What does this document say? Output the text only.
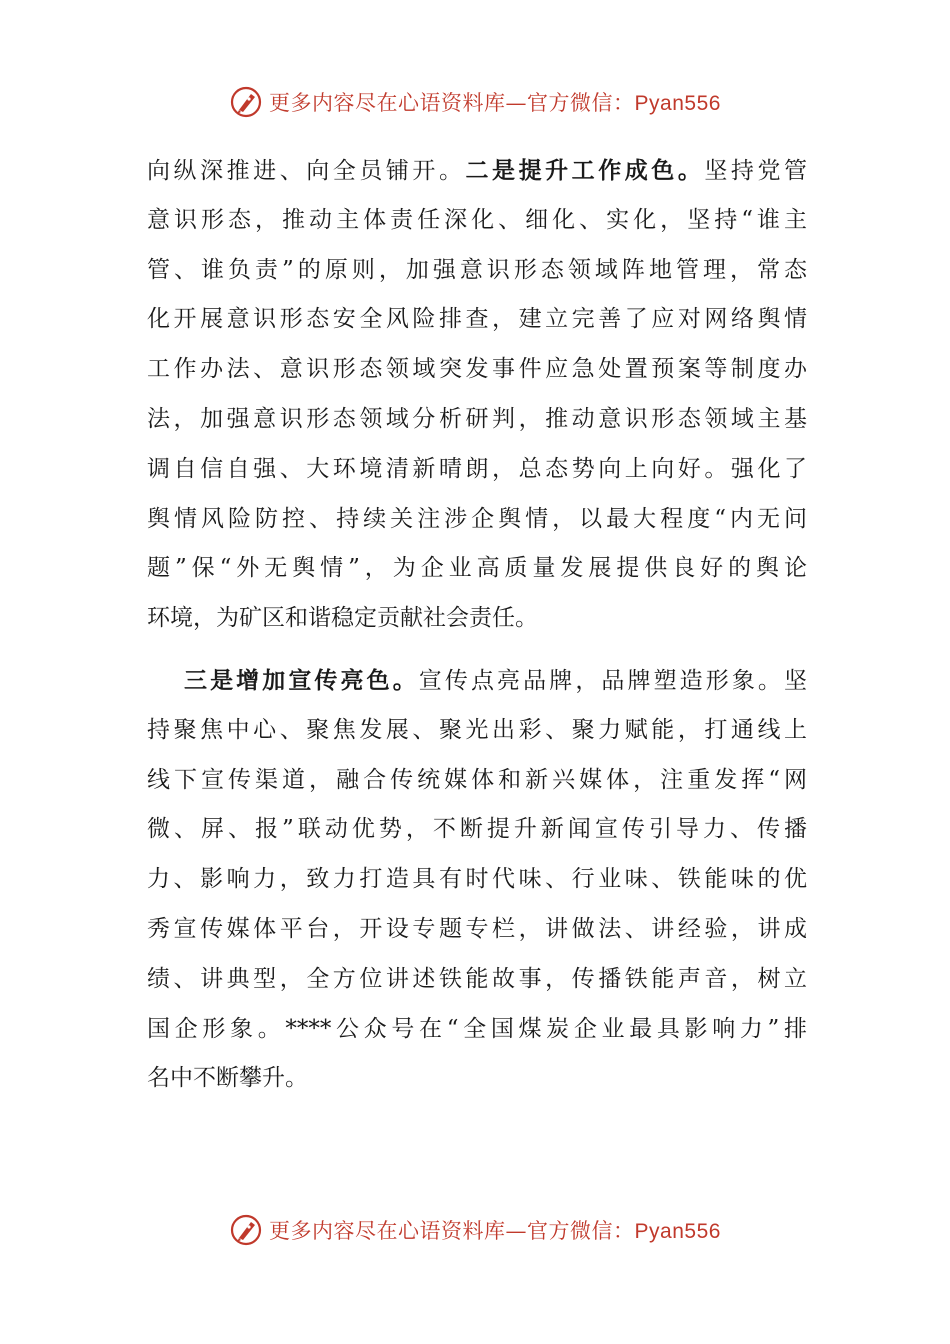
更多内容尽在心语资料库—官方微信：Pyan556
向纵深推进、向全员铺开。二是提升工作成色。坚持党管
意识形态，推动主体责任深化、细化、实化，坚持“谁主
管、谁负责”的原则，加强意识形态领域阵地管理，常态
化开展意识形态安全风险排查，建立完善了应对网络舆情
工作办法、意识形态领域突发事件应急处置预案等制度办
法，加强意识形态领域分析研判，推动意识形态领域主基
调自信自强、大环境清新晴朗，总态势向上向好。强化了
舆情风险防控、持续关注涉企舆情，以最大程度“内无问
题”保“外无舆情”，为企业高质量发展提供良好的舆论
环境，为矿区和谐稳定贡献社会责任。
三是增加宣传亮色。宣传点亮品牌，品牌塑造形象。坚
持聚焦中心、聚焦发展、聚光出彩、聚力赋能，打通线上
线下宣传渠道，融合传统媒体和新兴媒体，注重发挥“网
微、屏、报”联动优势，不断提升新闻宣传引导力、传播
力、影响力，致力打造具有时代味、行业味、铁能味的优
秀宣传媒体平台，开设专题专栏，讲做法、讲经验，讲成
绩、讲典型，全方位讲述铁能故事，传播铁能声音，树立
国企形象。****公众号在“全国煤炭企业最具影响力”排
名中不断攀升。
更多内容尽在心语资料库—官方微信：Pyan556
